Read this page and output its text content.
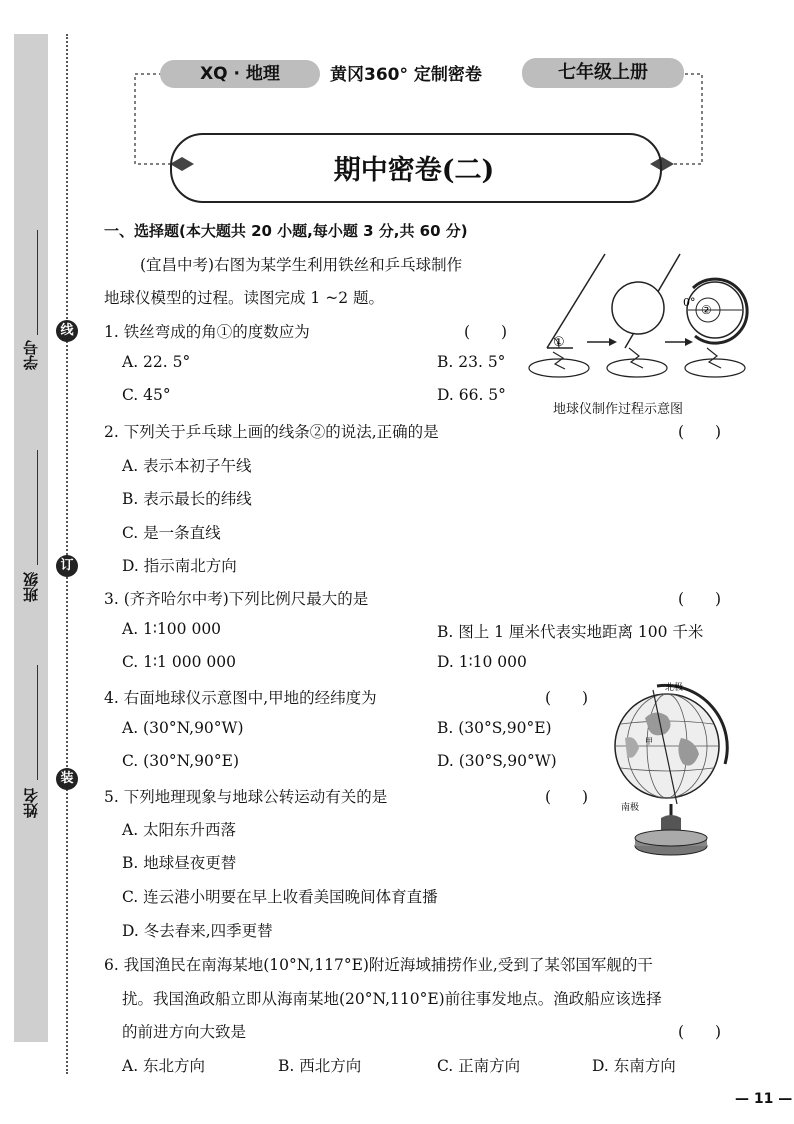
学号
班级
姓名
线
订
装
XQ · 地理	黄冈360° 定制密卷	七年级上册
期中密卷(二)
一、选择题(本大题共 20 小题,每小题 3 分,共 60 分)
(宜昌中考)右图为某学生利用铁丝和乒乓球制作
地球仪模型的过程。读图完成 1 ~2 题。
1. 铁丝弯成的角①的度数应为	(　　)
A. 22. 5°	B. 23. 5°
C. 45°	D. 66. 5°
①
0°
②
地球仪制作过程示意图
2. 下列关于乒乓球上画的线条②的说法,正确的是	(　　)
A. 表示本初子午线
B. 表示最长的纬线
C. 是一条直线
D. 指示南北方向
3. (齐齐哈尔中考)下列比例尺最大的是	(　　)
A. 1∶100 000	B. 图上 1 厘米代表实地距离 100 千米
C. 1∶1 000 000	D. 1∶10 000
4. 右面地球仪示意图中,甲地的经纬度为	(　　)
A. (30°N,90°W)	B. (30°S,90°E)
C. (30°N,90°E)	D. (30°S,90°W)
北极
南极
甲
5. 下列地理现象与地球公转运动有关的是	(　　)
A. 太阳东升西落
B. 地球昼夜更替
C. 连云港小明要在早上收看美国晚间体育直播
D. 冬去春来,四季更替
6. 我国渔民在南海某地(10°N,117°E)附近海域捕捞作业,受到了某邻国军舰的干
扰。我国渔政船立即从海南某地(20°N,110°E)前往事发地点。渔政船应该选择
的前进方向大致是	(　　)
A. 东北方向	B. 西北方向	C. 正南方向	D. 东南方向
— 11 —
